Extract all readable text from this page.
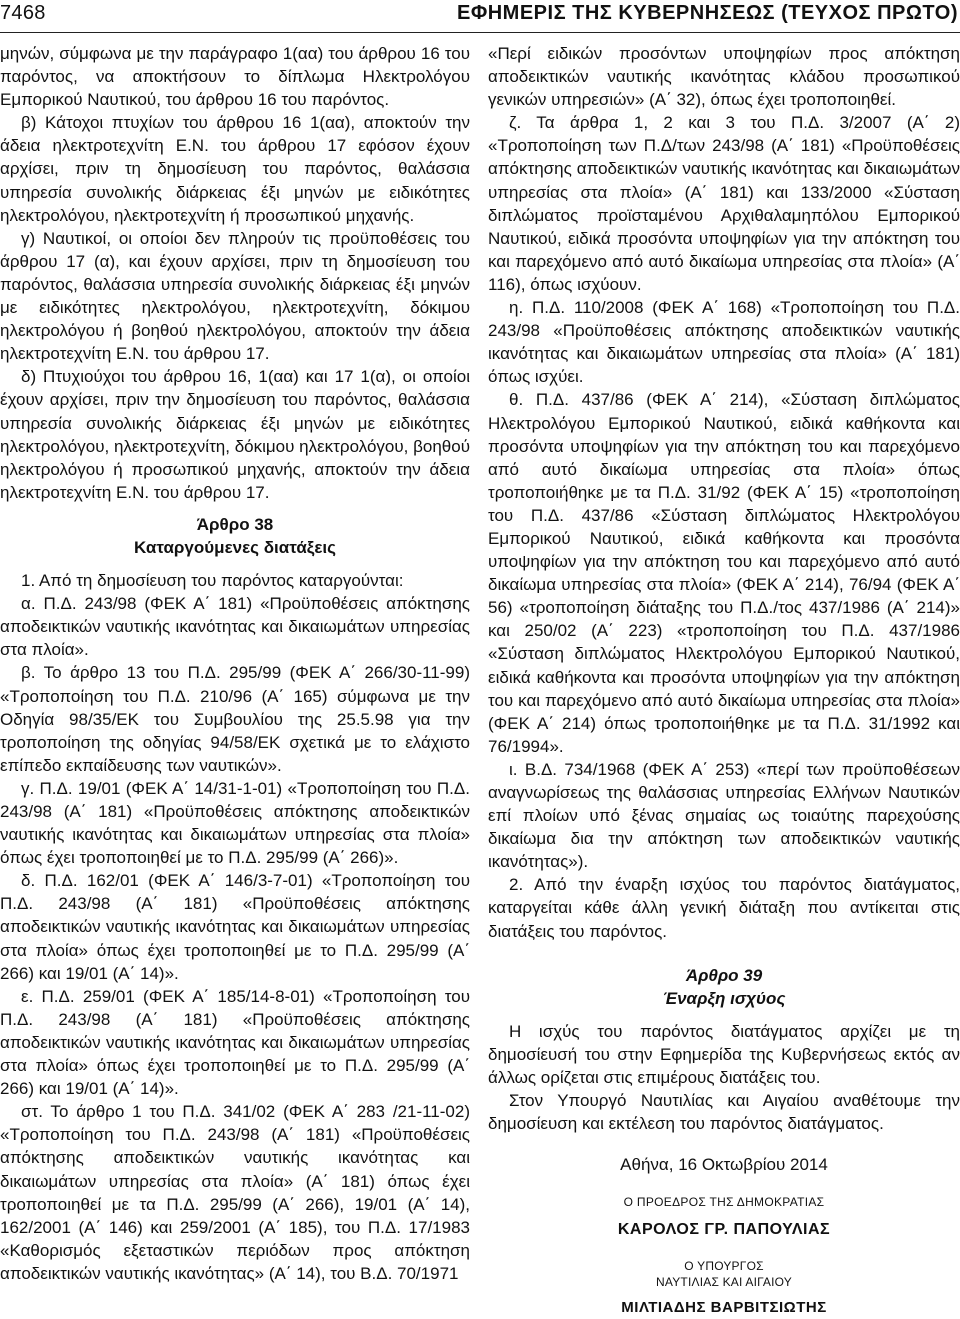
7468	ΕΦΗΜΕΡΙΣ ΤΗΣ ΚΥΒΕΡΝΗΣΕΩΣ (ΤΕΥΧΟΣ ΠΡΩΤΟ)

μηνών, σύμφωνα με την παράγραφο 1(αα) του άρθρου 16 του παρόντος, να αποκτήσουν το δίπλωμα Ηλεκτρολόγου Εμπορικού Ναυτικού, του άρθρου 16 του παρόντος.

β) Κάτοχοι πτυχίων του άρθρου 16 1(αα), αποκτούν την άδεια ηλεκτροτεχνίτη Ε.Ν. του άρθρου 17 εφόσον έχουν αρχίσει, πριν τη δημοσίευση του παρόντος, θαλάσσια υπηρεσία συνολικής διάρκειας έξι μηνών με ειδικότητες ηλεκτρολόγου, ηλεκτροτεχνίτη ή προσωπικού μηχανής.

γ) Ναυτικοί, οι οποίοι δεν πληρούν τις προϋποθέσεις του άρθρου 17 (α), και έχουν αρχίσει, πριν τη δημοσίευση του παρόντος, θαλάσσια υπηρεσία συνολικής διάρκειας έξι μηνών με ειδικότητες ηλεκτρολόγου, ηλεκτροτεχνίτη, δόκιμου ηλεκτρολόγου ή βοηθού ηλεκτρολόγου, αποκτούν την άδεια ηλεκτροτεχνίτη Ε.Ν. του άρθρου 17.

δ) Πτυχιούχοι του άρθρου 16, 1(αα) και 17 1(α), οι οποίοι έχουν αρχίσει, πριν την δημοσίευση του παρόντος, θαλάσσια υπηρεσία συνολικής διάρκειας έξι μηνών με ειδικότητες ηλεκτρολόγου, ηλεκτροτεχνίτη, δόκιμου ηλεκτρολόγου, βοηθού ηλεκτρολόγου ή προσωπικού μηχανής, αποκτούν την άδεια ηλεκτροτεχνίτη Ε.Ν. του άρθρου 17.

Άρθρο 38
Καταργούμενες διατάξεις

1. Από τη δημοσίευση του παρόντος καταργούνται:

α. Π.Δ. 243/98 (ΦΕΚ Α΄ 181) «Προϋποθέσεις απόκτησης αποδεικτικών ναυτικής ικανότητας και δικαιωμάτων υπηρεσίας στα πλοία».

β. Το άρθρο 13 του Π.Δ. 295/99 (ΦΕΚ Α΄ 266/30-11-99) «Τροποποίηση του Π.Δ. 210/96 (Α΄ 165) σύμφωνα με την Οδηγία 98/35/ΕΚ του Συμβουλίου της 25.5.98 για την τροποποίηση της οδηγίας 94/58/ΕΚ σχετικά με το ελάχιστο επίπεδο εκπαίδευσης των ναυτικών».

γ. Π.Δ. 19/01 (ΦΕΚ Α΄ 14/31-1-01) «Τροποποίηση του Π.Δ. 243/98 (Α΄ 181) «Προϋποθέσεις απόκτησης αποδεικτικών ναυτικής ικανότητας και δικαιωμάτων υπηρεσίας στα πλοία» όπως έχει τροποποιηθεί με το Π.Δ. 295/99 (Α΄ 266)».

δ. Π.Δ. 162/01 (ΦΕΚ Α΄ 146/3-7-01) «Τροποποίηση του Π.Δ. 243/98 (Α΄ 181) «Προϋποθέσεις απόκτησης αποδεικτικών ναυτικής ικανότητας και δικαιωμάτων υπηρεσίας στα πλοία» όπως έχει τροποποιηθεί με το Π.Δ. 295/99 (Α΄ 266) και 19/01 (Α΄ 14)».

ε. Π.Δ. 259/01 (ΦΕΚ Α΄ 185/14-8-01) «Τροποποίηση του Π.Δ. 243/98 (Α΄ 181) «Προϋποθέσεις απόκτησης αποδεικτικών ναυτικής ικανότητας και δικαιωμάτων υπηρεσίας στα πλοία» όπως έχει τροποποιηθεί με το Π.Δ. 295/99 (Α΄ 266) και 19/01 (Α΄ 14)».

στ. Το άρθρο 1 του Π.Δ. 341/02 (ΦΕΚ Α΄ 283 /21-11-02) «Τροποποίηση του Π.Δ. 243/98 (Α΄ 181) «Προϋποθέσεις απόκτησης αποδεικτικών ναυτικής ικανότητας και δικαιωμάτων υπηρεσίας στα πλοία» (Α΄ 181) όπως έχει τροποποιηθεί με τα Π.Δ. 295/99 (Α΄ 266), 19/01 (Α΄ 14), 162/2001 (Α΄ 146) και 259/2001 (Α΄ 185), του Π.Δ. 17/1983 «Καθορισμός εξεταστικών περιόδων προς απόκτηση αποδεικτικών ναυτικής ικανότητας» (Α΄ 14), του Β.Δ. 70/1971

«Περί ειδικών προσόντων υποψηφίων προς απόκτηση αποδεικτικών ναυτικής ικανότητας κλάδου προσωπικού γενικών υπηρεσιών» (Α΄ 32), όπως έχει τροποποιηθεί.

ζ. Τα άρθρα 1, 2 και 3 του Π.Δ. 3/2007 (Α΄ 2) «Τροποποίηση των Π.Δ/των 243/98 (Α΄ 181) «Προϋποθέσεις απόκτησης αποδεικτικών ναυτικής ικανότητας και δικαιωμάτων υπηρεσίας στα πλοία» (Α΄ 181) και 133/2000 «Σύσταση διπλώματος προϊσταμένου Αρχιθαλαμηπόλου Εμπορικού Ναυτικού, ειδικά προσόντα υποψηφίων για την απόκτηση του και παρεχόμενο από αυτό δικαίωμα υπηρεσίας στα πλοία» (Α΄ 116), όπως ισχύουν.

η. Π.Δ. 110/2008 (ΦΕΚ Α΄ 168) «Τροποποίηση του Π.Δ. 243/98 «Προϋποθέσεις απόκτησης αποδεικτικών ναυτικής ικανότητας και δικαιωμάτων υπηρεσίας στα πλοία» (Α΄ 181) όπως ισχύει.

θ. Π.Δ. 437/86 (ΦΕΚ Α΄ 214), «Σύσταση διπλώματος Ηλεκτρολόγου Εμπορικού Ναυτικού, ειδικά καθήκοντα και προσόντα υποψηφίων για την απόκτηση του και παρεχόμενο από αυτό δικαίωμα υπηρεσίας στα πλοία» όπως τροποποιήθηκε με τα Π.Δ. 31/92 (ΦΕΚ Α΄ 15) «τροποποίηση του Π.Δ. 437/86 «Σύσταση διπλώματος Ηλεκτρολόγου Εμπορικού Ναυτικού, ειδικά καθήκοντα και προσόντα υποψηφίων για την απόκτηση του και παρεχόμενο από αυτό δικαίωμα υπηρεσίας στα πλοία» (ΦΕΚ Α΄ 214), 76/94 (ΦΕΚ Α΄ 56) «τροποποίηση διάταξης του Π.Δ./τος 437/1986 (Α΄ 214)» και 250/02 (Α΄ 223) «τροποποίηση του Π.Δ. 437/1986 «Σύσταση διπλώματος Ηλεκτρολόγου Εμπορικού Ναυτικού, ειδικά καθήκοντα και προσόντα υποψηφίων για την απόκτηση του και παρεχόμενο από αυτό δικαίωμα υπηρεσίας στα πλοία» (ΦΕΚ Α΄ 214) όπως τροποποιήθηκε με τα Π.Δ. 31/1992 και 76/1994».

ι. Β.Δ. 734/1968 (ΦΕΚ Α΄ 253) «περί των προϋποθέσεων αναγνωρίσεως της θαλάσσιας υπηρεσίας Ελλήνων Ναυτικών επί πλοίων υπό ξένας σημαίας ως τοιαύτης παρεχούσης δικαίωμα δια την απόκτηση των αποδεικτικών ναυτικής ικανότητας»).

2. Από την έναρξη ισχύος του παρόντος διατάγματος, καταργείται κάθε άλλη γενική διάταξη που αντίκειται στις διατάξεις του παρόντος.

Άρθρο 39
Έναρξη ισχύος

Η ισχύς του παρόντος διατάγματος αρχίζει με τη δημοσίευσή του στην Εφημερίδα της Κυβερνήσεως εκτός αν άλλως ορίζεται στις επιμέρους διατάξεις του.

Στον Υπουργό Ναυτιλίας και Αιγαίου αναθέτουμε την δημοσίευση και εκτέλεση του παρόντος διατάγματος.

Αθήνα, 16 Οκτωβρίου 2014
Ο ΠΡΟΕΔΡΟΣ ΤΗΣ ΔΗΜΟΚΡΑΤΙΑΣ
ΚΑΡΟΛΟΣ ΓΡ. ΠΑΠΟΥΛΙΑΣ
Ο ΥΠΟΥΡΓΟΣ
ΝΑΥΤΙΛΙΑΣ ΚΑΙ ΑΙΓΑΙΟΥ
ΜΙΛΤΙΑΔΗΣ ΒΑΡΒΙΤΣΙΩΤΗΣ
